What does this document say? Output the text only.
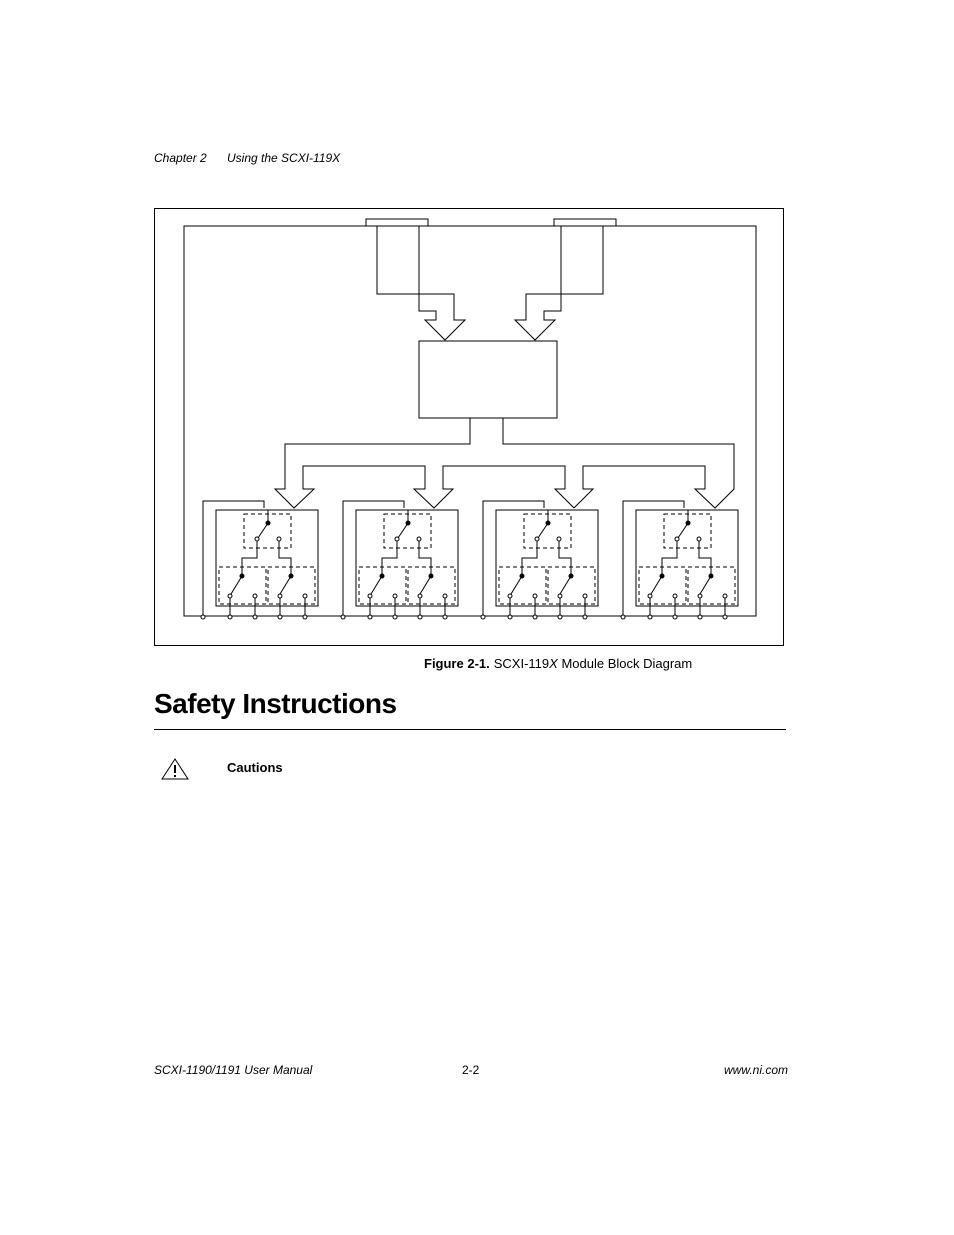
Chapter 2 Using the SCXI-119X
Figure 2-1. SCXI-119X Module Block Diagram
Safety Instructions
Cautions
SCXI-1190/1191 User Manual	2-2	www.ni.com
